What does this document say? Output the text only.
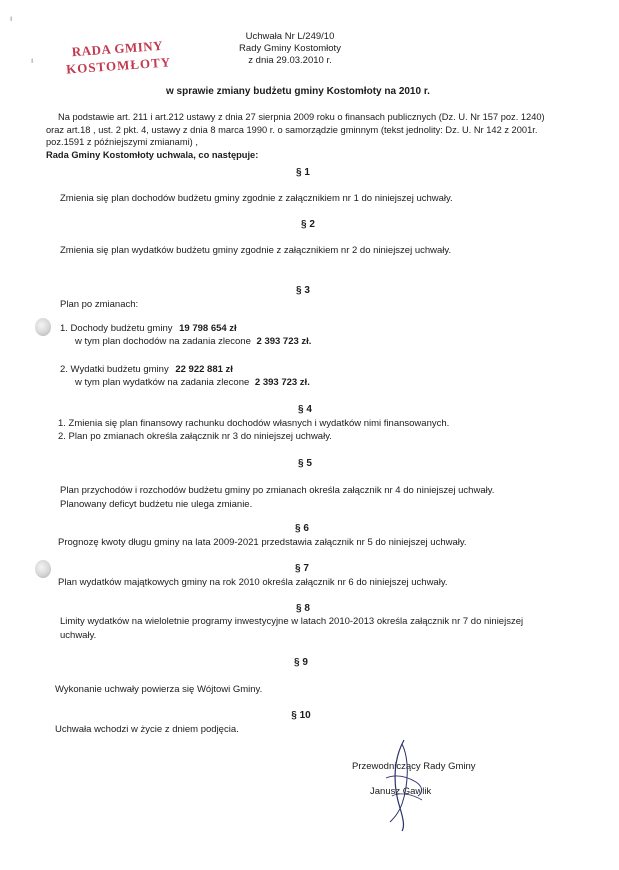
ı
ı
RADA GMINY
KOSTOMŁOTY
Uchwała Nr L/249/10
Rady Gminy Kostomłoty
z dnia 29.03.2010 r.
w sprawie zmiany budżetu gminy Kostomłoty na 2010 r.
Na podstawie art. 211 i art.212 ustawy z dnia 27 sierpnia 2009 roku o finansach publicznych (Dz. U. Nr 157 poz. 1240)
oraz art.18 , ust. 2 pkt. 4, ustawy z dnia 8 marca 1990 r. o samorządzie gminnym (tekst jednolity: Dz. U. Nr 142 z 2001r.
poz.1591 z późniejszymi zmianami) ,
Rada Gminy Kostomłoty uchwala, co następuje:
§ 1
Zmienia się plan dochodów budżetu gminy zgodnie z załącznikiem nr 1 do niniejszej uchwały.
§ 2
Zmienia się plan wydatków budżetu gminy zgodnie z załącznikiem nr 2 do niniejszej uchwały.
§ 3
Plan po zmianach:
1. Dochody budżetu gminy 19 798 654 zł
w tym plan dochodów na zadania zlecone 2 393 723 zł.
2. Wydatki budżetu gminy 22 922 881 zł
w tym plan wydatków na zadania zlecone 2 393 723 zł.
§ 4
1. Zmienia się plan finansowy rachunku dochodów własnych i wydatków nimi finansowanych.
2. Plan po zmianach określa załącznik nr 3 do niniejszej uchwały.
§ 5
Plan przychodów i rozchodów budżetu gminy po zmianach określa załącznik nr 4 do niniejszej uchwały.
Planowany deficyt budżetu nie ulega zmianie.
§ 6
Prognozę kwoty długu gminy na lata 2009-2021 przedstawia załącznik nr 5 do niniejszej uchwały.
§ 7
Plan wydatków majątkowych gminy na rok 2010 określa załącznik nr 6 do niniejszej uchwały.
§ 8
Limity wydatków na wieloletnie programy inwestycyjne w latach 2010-2013 określa załącznik nr 7 do niniejszej
uchwały.
§ 9
Wykonanie uchwały powierza się Wójtowi Gminy.
§ 10
Uchwała wchodzi w życie z dniem podjęcia.
Przewodniczący Rady Gminy
Janusz Gawlik
